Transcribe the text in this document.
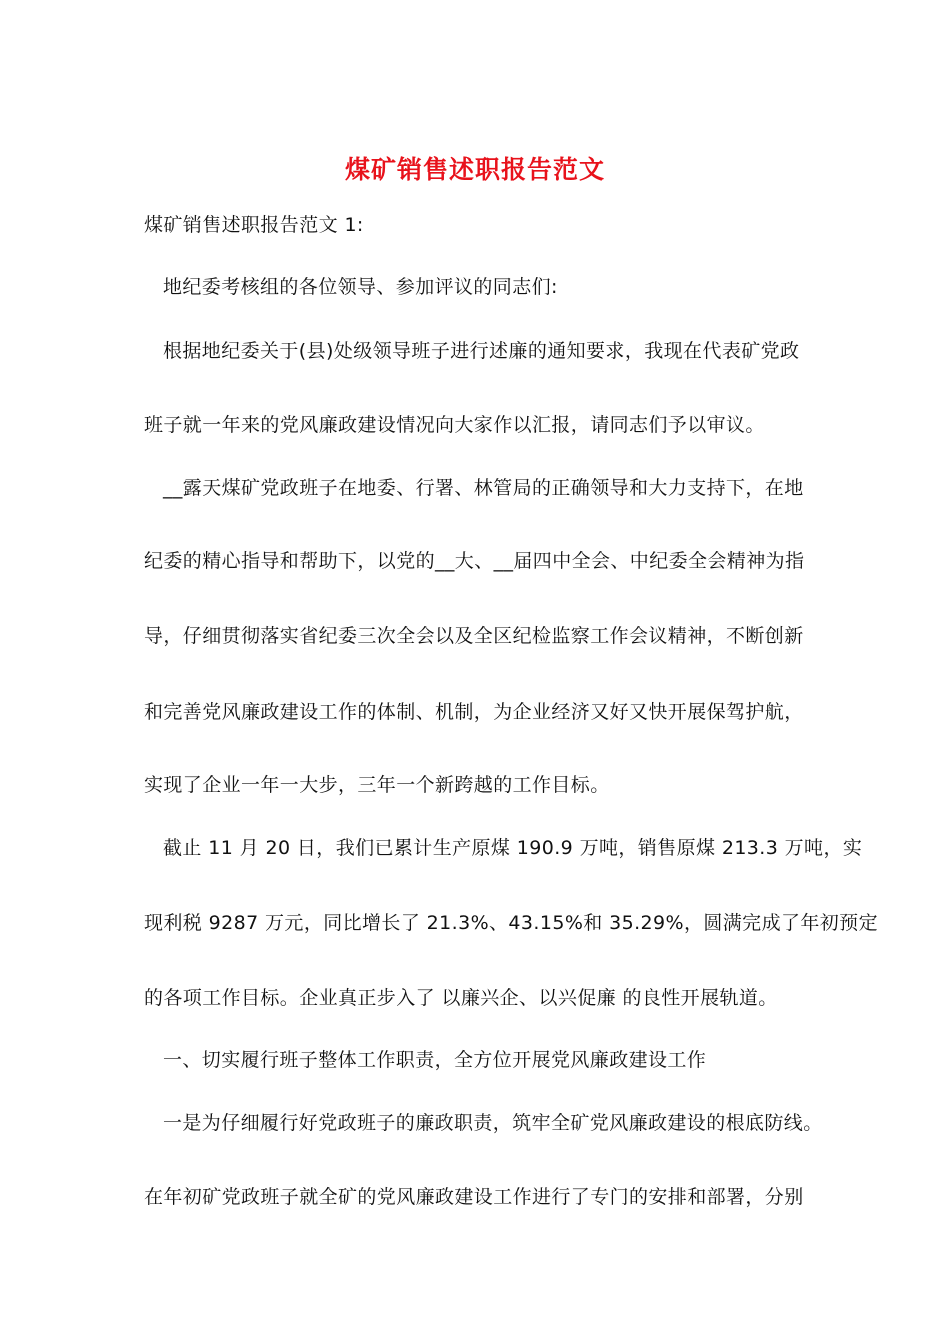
煤矿销售述职报告范文
煤矿销售述职报告范文 1:
地纪委考核组的各位领导、参加评议的同志们:
根据地纪委关于(县)处级领导班子进行述廉的通知要求，我现在代表矿党政
班子就一年来的党风廉政建设情况向大家作以汇报，请同志们予以审议。
__露天煤矿党政班子在地委、行署、林管局的正确领导和大力支持下，在地
纪委的精心指导和帮助下，以党的__大、__届四中全会、中纪委全会精神为指
导，仔细贯彻落实省纪委三次全会以及全区纪检监察工作会议精神，不断创新
和完善党风廉政建设工作的体制、机制，为企业经济又好又快开展保驾护航，
实现了企业一年一大步，三年一个新跨越的工作目标。
截止 11 月 20 日，我们已累计生产原煤 190.9 万吨，销售原煤 213.3 万吨，实
现利税 9287 万元，同比增长了 21.3%、43.15%和 35.29%，圆满完成了年初预定
的各项工作目标。企业真正步入了 以廉兴企、以兴促廉 的良性开展轨道。
一、切实履行班子整体工作职责，全方位开展党风廉政建设工作
一是为仔细履行好党政班子的廉政职责，筑牢全矿党风廉政建设的根底防线。
在年初矿党政班子就全矿的党风廉政建设工作进行了专门的安排和部署，分别
